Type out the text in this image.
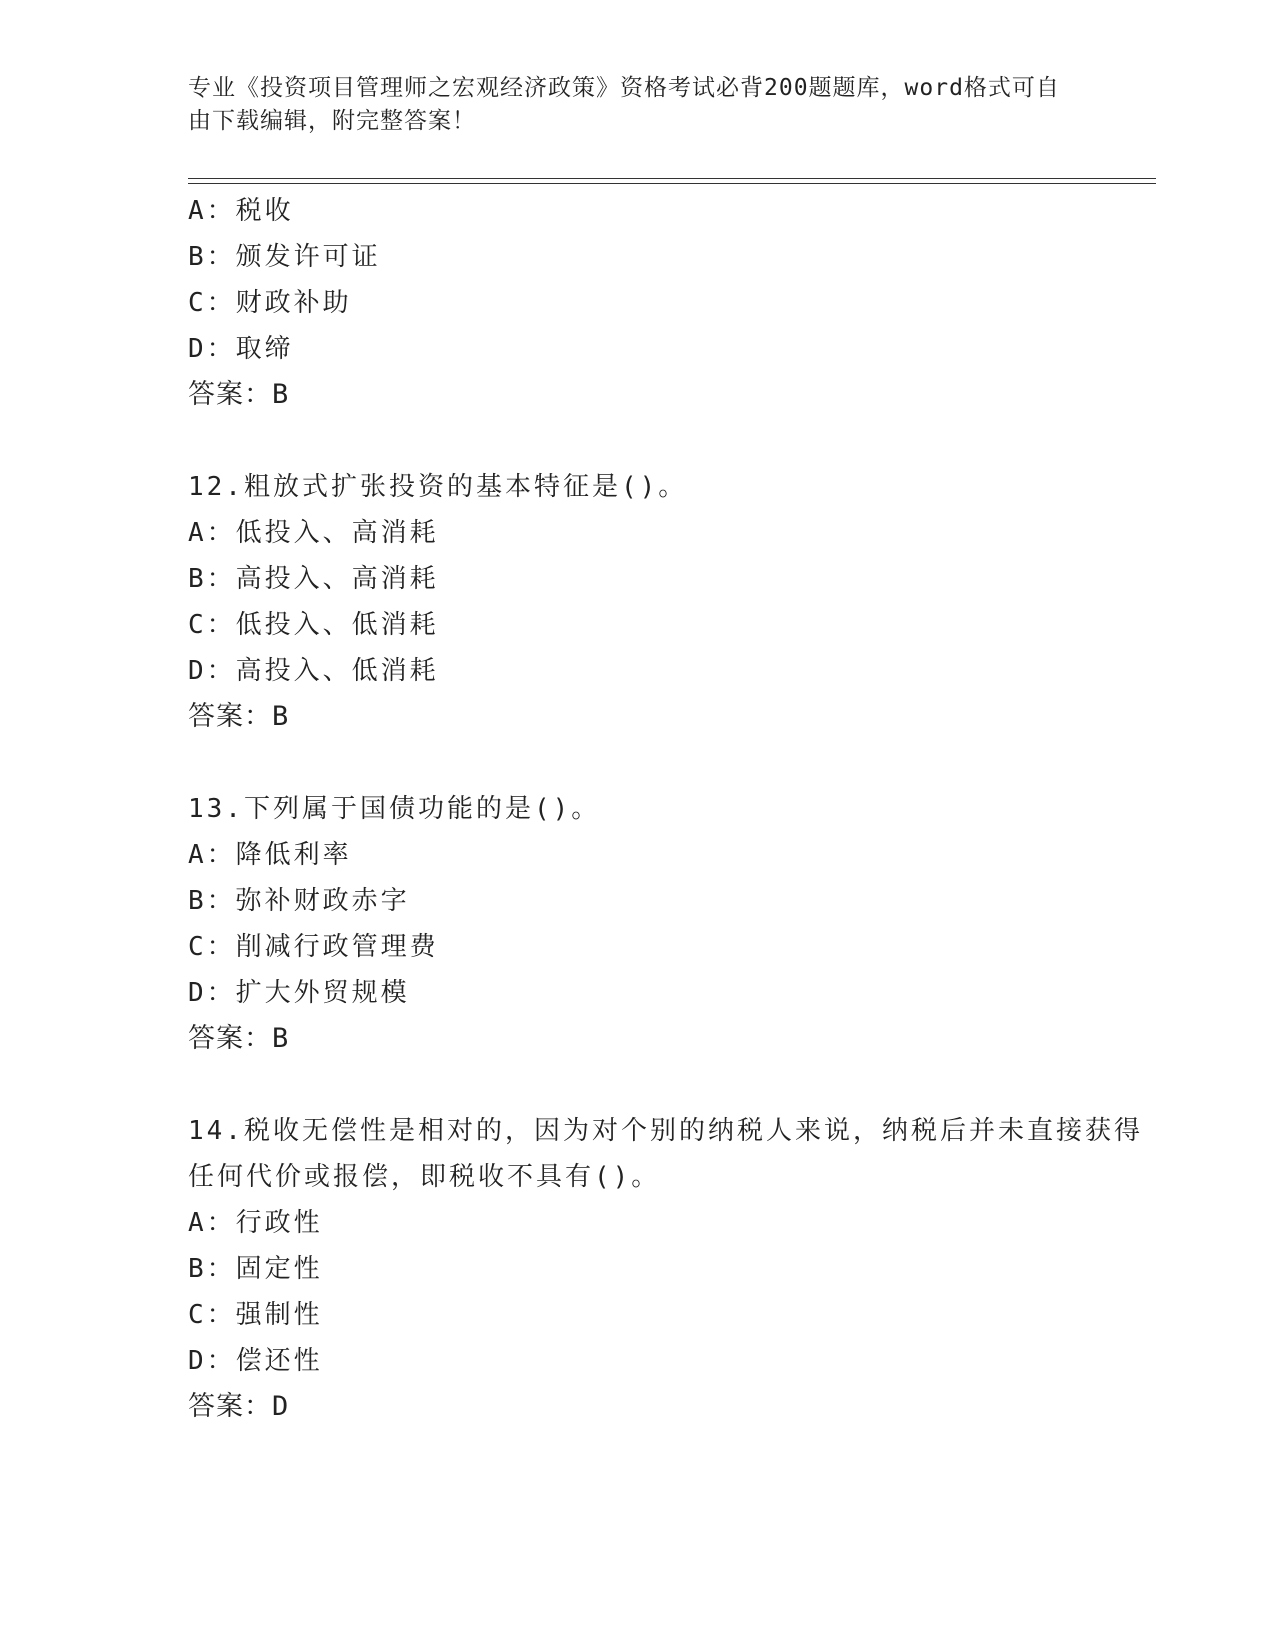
专业《投资项目管理师之宏观经济政策》资格考试必背200题题库，word格式可自由下载编辑，附完整答案！
A：税收
B：颁发许可证
C：财政补助
D：取缔
答案：B
12.粗放式扩张投资的基本特征是()。
A：低投入、高消耗
B：高投入、高消耗
C：低投入、低消耗
D：高投入、低消耗
答案：B
13.下列属于国债功能的是()。
A：降低利率
B：弥补财政赤字
C：削减行政管理费
D：扩大外贸规模
答案：B
14.税收无偿性是相对的，因为对个别的纳税人来说，纳税后并未直接获得任何代价或报偿，即税收不具有()。
A：行政性
B：固定性
C：强制性
D：偿还性
答案：D
